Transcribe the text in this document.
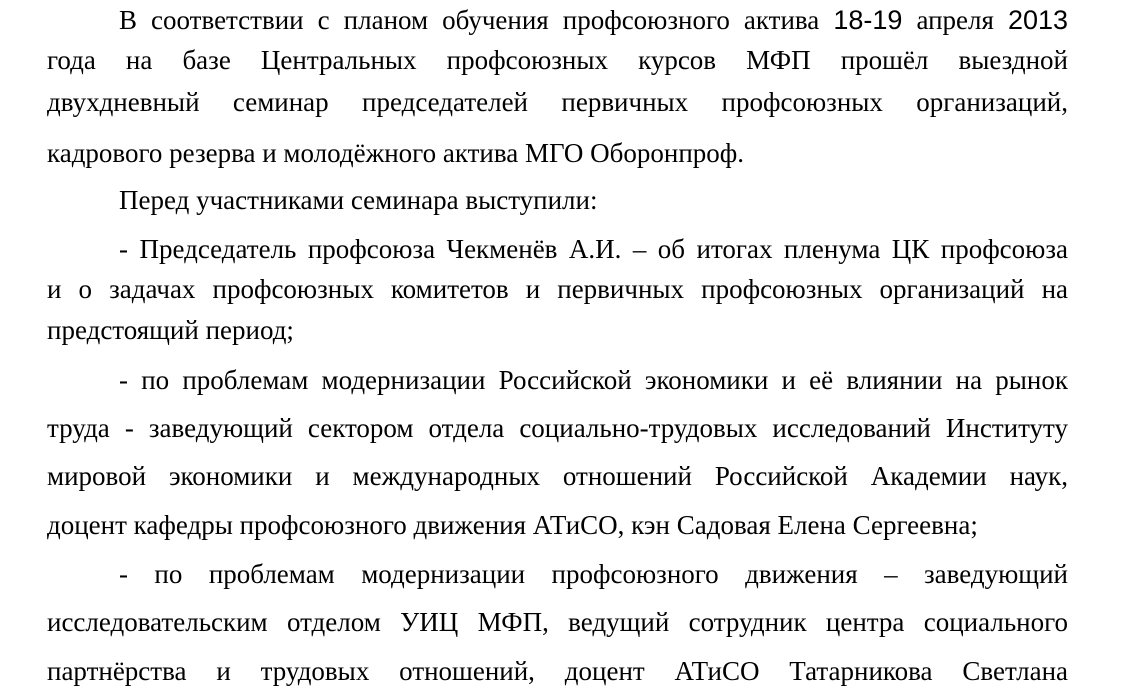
В соответствии с планом обучения профсоюзного актива 18-19 апреля 2013
года на базе Центральных профсоюзных курсов МФП прошёл выездной
двухдневный семинар председателей первичных профсоюзных организаций,
кадрового резерва и молодёжного актива МГО Оборонпроф.
Перед участниками семинара выступили:
- Председатель профсоюза Чекменёв А.И. – об итогах пленума ЦК профсоюза
и о задачах профсоюзных комитетов и первичных профсоюзных организаций на
предстоящий период;
- по проблемам модернизации Российской экономики и её влиянии на рынок
труда - заведующий сектором отдела социально-трудовых исследований Институту
мировой экономики и международных отношений Российской Академии наук,
доцент кафедры профсоюзного движения АТиСО, кэн Садовая Елена Сергеевна;
- по проблемам модернизации профсоюзного движения – заведующий
исследовательским отделом УИЦ МФП, ведущий сотрудник центра социального
партнёрства и трудовых отношений, доцент АТиСО Татарникова Светлана
